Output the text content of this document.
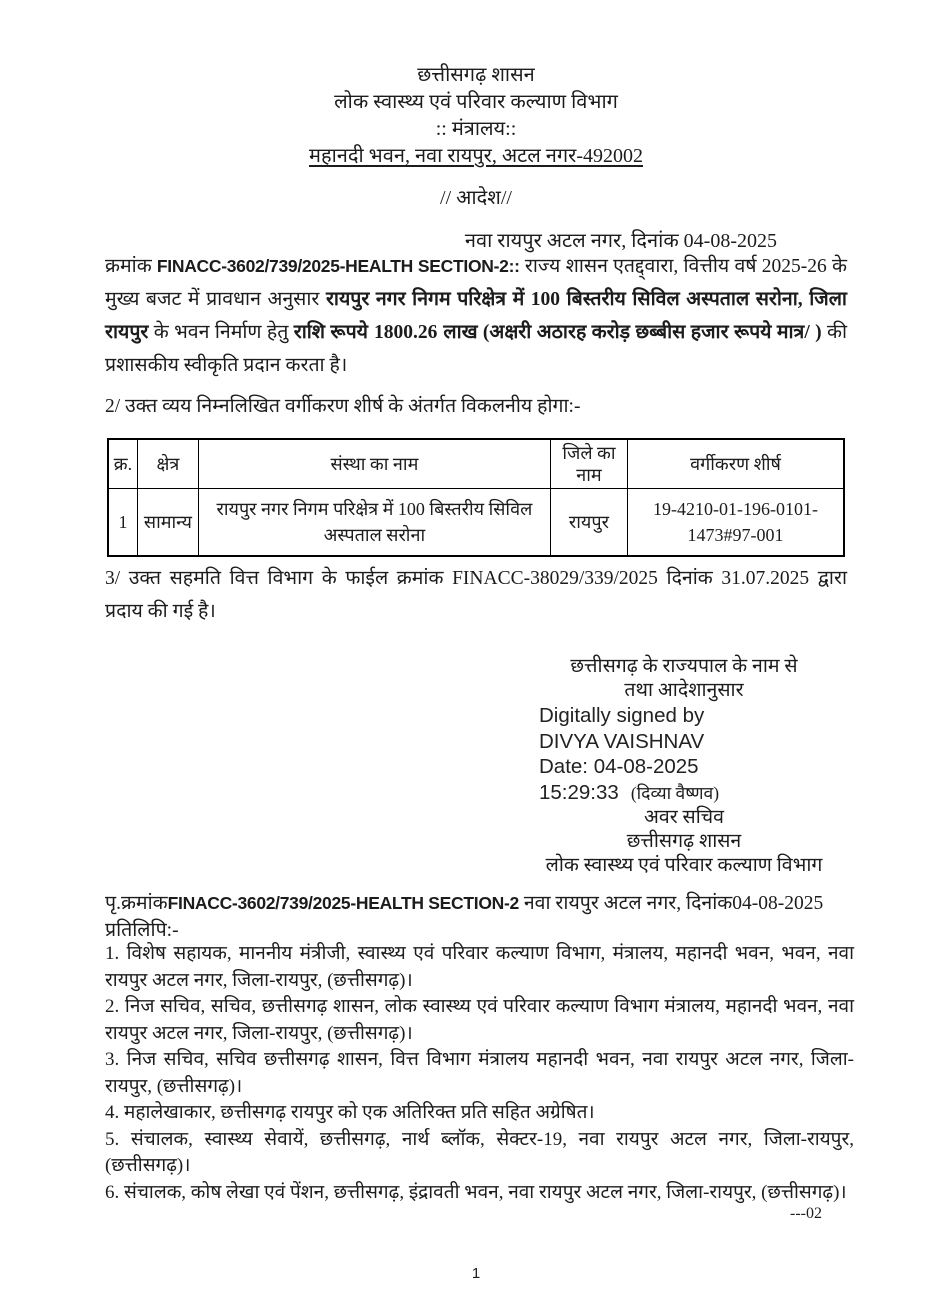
छत्तीसगढ़ शासन
लोक स्वास्थ्य एवं परिवार कल्याण विभाग
:: मंत्रालय::
महानदी भवन, नवा रायपुर, अटल नगर-492002
// आदेश//
नवा रायपुर अटल नगर, दिनांक 04-08-2025
क्रमांक FINACC-3602/739/2025-HEALTH SECTION-2:: राज्य शासन एतद्द्वारा, वित्तीय वर्ष 2025-26 के मुख्य बजट में प्रावधान अनुसार रायपुर नगर निगम परिक्षेत्र में 100 बिस्तरीय सिविल अस्पताल सरोना, जिला रायपुर के भवन निर्माण हेतु राशि रूपये 1800.26 लाख (अक्षरी अठारह करोड़ छब्बीस हजार रूपये मात्र/ ) की प्रशासकीय स्वीकृति प्रदान करता है।
2/ उक्त व्यय निम्नलिखित वर्गीकरण शीर्ष के अंतर्गत विकलनीय होगा:-
क्र.	क्षेत्र	संस्था का नाम	जिले का नाम	वर्गीकरण शीर्ष
1	सामान्य	रायपुर नगर निगम परिक्षेत्र में 100 बिस्तरीय सिविल अस्पताल सरोना	रायपुर	19-4210-01-196-0101-1473#97-001
3/ उक्त सहमति वित्त विभाग के फाईल क्रमांक FINACC-38029/339/2025 दिनांक 31.07.2025 द्वारा प्रदाय की गई है।
छत्तीसगढ़ के राज्यपाल के नाम से
तथा आदेशानुसार
Digitally signed by
DIVYA VAISHNAV
Date: 04-08-2025
15:29:33 (दिव्या वैष्णव)
अवर सचिव
छत्तीसगढ़ शासन
लोक स्वास्थ्य एवं परिवार कल्याण विभाग
पृ.क्रमांकFINACC-3602/739/2025-HEALTH SECTION-2 नवा रायपुर अटल नगर, दिनांक04-08-2025
प्रतिलिपि:-
1. विशेष सहायक, माननीय मंत्रीजी, स्वास्थ्य एवं परिवार कल्याण विभाग, मंत्रालय, महानदी भवन, भवन, नवा रायपुर अटल नगर, जिला-रायपुर, (छत्तीसगढ़)।
2. निज सचिव, सचिव, छत्तीसगढ़ शासन, लोक स्वास्थ्य एवं परिवार कल्याण विभाग मंत्रालय, महानदी भवन, नवा रायपुर अटल नगर, जिला-रायपुर, (छत्तीसगढ़)।
3. निज सचिव, सचिव छत्तीसगढ़ शासन, वित्त विभाग मंत्रालय महानदी भवन, नवा रायपुर अटल नगर, जिला-रायपुर, (छत्तीसगढ़)।
4. महालेखाकार, छत्तीसगढ़ रायपुर को एक अतिरिक्त प्रति सहित अग्रेषित।
5. संचालक, स्वास्थ्य सेवायें, छत्तीसगढ़, नार्थ ब्लॉक, सेक्टर-19, नवा रायपुर अटल नगर, जिला-रायपुर, (छत्तीसगढ़)।
6. संचालक, कोष लेखा एवं पेंशन, छत्तीसगढ़, इंद्रावती भवन, नवा रायपुर अटल नगर, जिला-रायपुर, (छत्तीसगढ़)।
---02
1
